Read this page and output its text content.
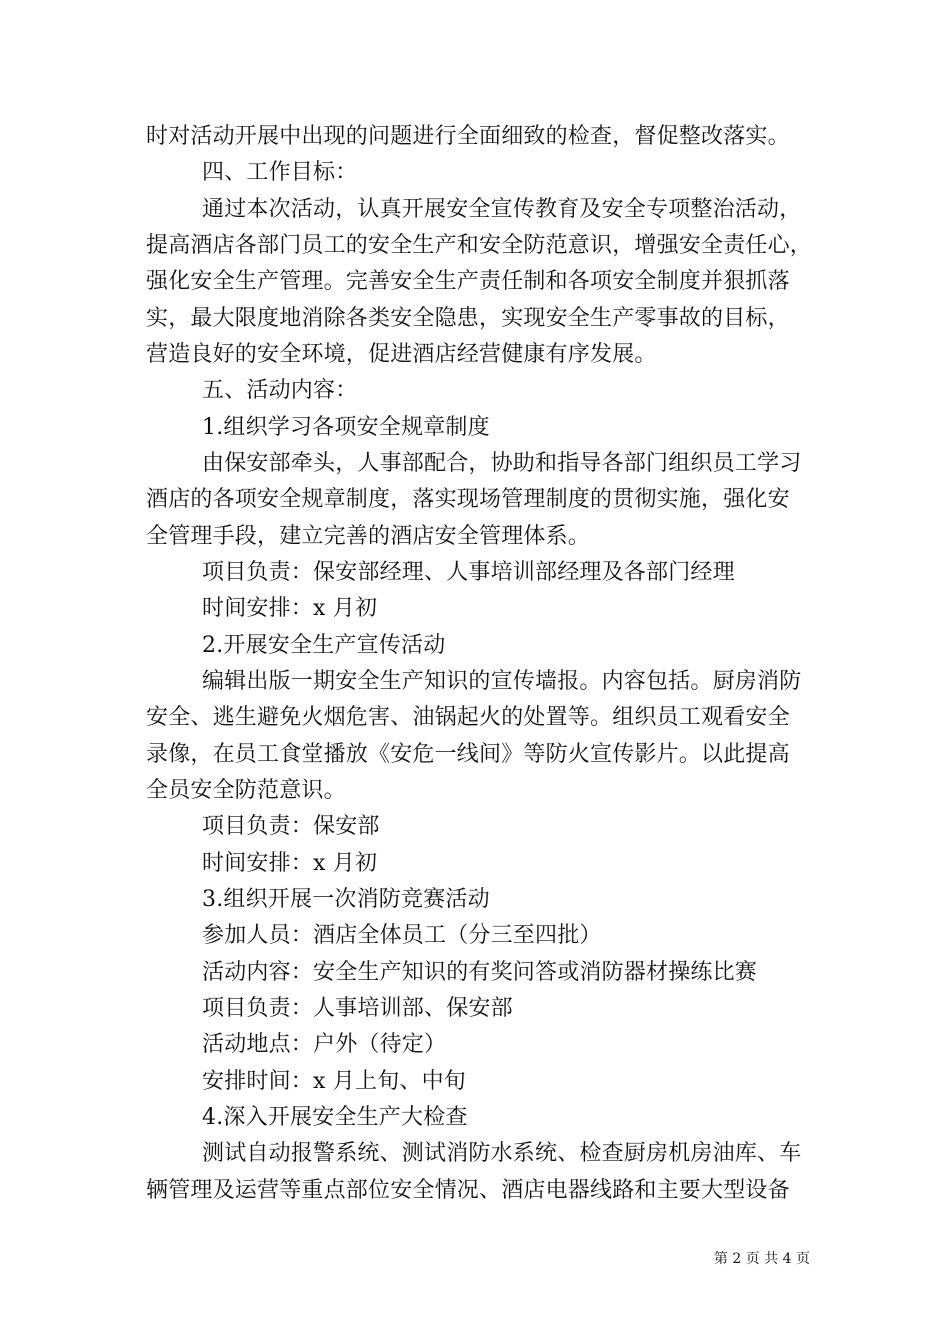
时对活动开展中出现的问题进行全面细致的检查，督促整改落实。
四、工作目标：
通过本次活动，认真开展安全宣传教育及安全专项整治活动，
提高酒店各部门员工的安全生产和安全防范意识，增强安全责任心，
强化安全生产管理。完善安全生产责任制和各项安全制度并狠抓落
实，最大限度地消除各类安全隐患，实现安全生产零事故的目标，
营造良好的安全环境，促进酒店经营健康有序发展。
五、活动内容：
1.组织学习各项安全规章制度
由保安部牵头，人事部配合，协助和指导各部门组织员工学习
酒店的各项安全规章制度，落实现场管理制度的贯彻实施，强化安
全管理手段，建立完善的酒店安全管理体系。
项目负责：保安部经理、人事培训部经理及各部门经理
时间安排：x 月初
2.开展安全生产宣传活动
编辑出版一期安全生产知识的宣传墙报。内容包括。厨房消防
安全、逃生避免火烟危害、油锅起火的处置等。组织员工观看安全
录像，在员工食堂播放《安危一线间》等防火宣传影片。以此提高
全员安全防范意识。
项目负责：保安部
时间安排：x 月初
3.组织开展一次消防竞赛活动
参加人员：酒店全体员工（分三至四批）
活动内容：安全生产知识的有奖问答或消防器材操练比赛
项目负责：人事培训部、保安部
活动地点：户外（待定）
安排时间：x 月上旬、中旬
4.深入开展安全生产大检查
测试自动报警系统、测试消防水系统、检查厨房机房油库、车
辆管理及运营等重点部位安全情况、酒店电器线路和主要大型设备
第 2 页 共 4 页
